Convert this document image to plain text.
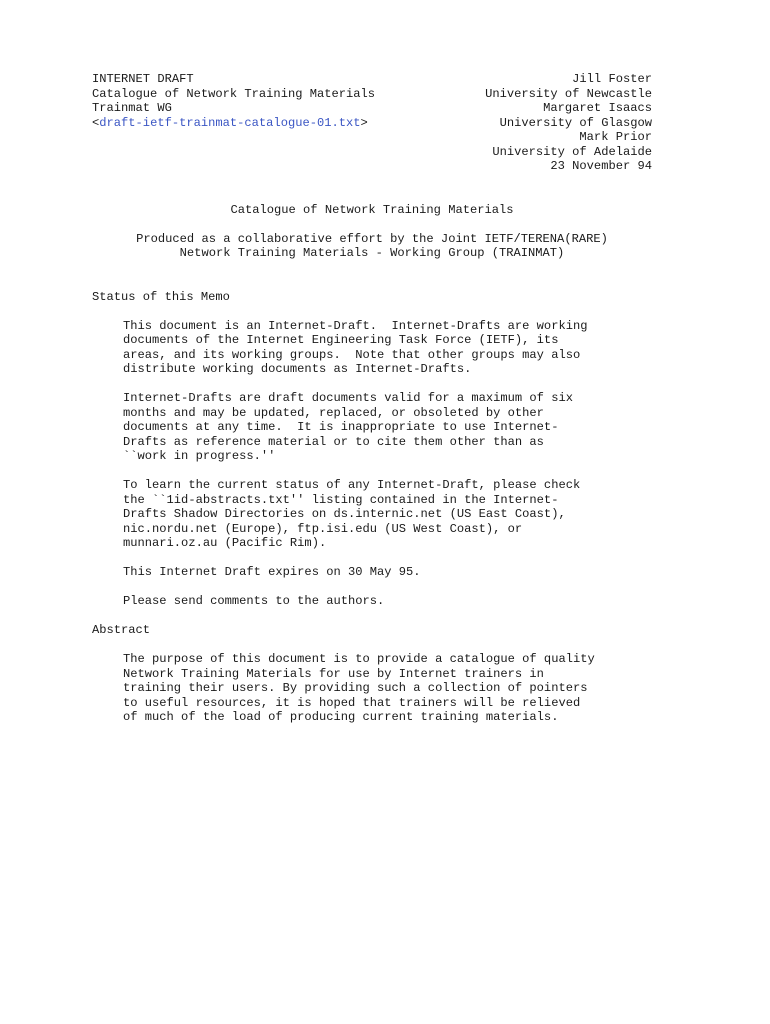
INTERNET DRAFT	Jill Foster
Catalogue of Network Training Materials	University of Newcastle
Trainmat WG	Margaret Isaacs
<draft-ietf-trainmat-catalogue-01.txt>	University of Glasgow
Mark Prior
University of Adelaide
23 November 94
Catalogue of Network Training Materials
Produced as a collaborative effort by the Joint IETF/TERENA(RARE)
Network Training Materials - Working Group (TRAINMAT)
Status of this Memo
This document is an Internet-Draft.  Internet-Drafts are working
documents of the Internet Engineering Task Force (IETF), its
areas, and its working groups.  Note that other groups may also
distribute working documents as Internet-Drafts.
Internet-Drafts are draft documents valid for a maximum of six
months and may be updated, replaced, or obsoleted by other
documents at any time.  It is inappropriate to use Internet-
Drafts as reference material or to cite them other than as
``work in progress.''
To learn the current status of any Internet-Draft, please check
the ``1id-abstracts.txt'' listing contained in the Internet-
Drafts Shadow Directories on ds.internic.net (US East Coast),
nic.nordu.net (Europe), ftp.isi.edu (US West Coast), or
munnari.oz.au (Pacific Rim).
This Internet Draft expires on 30 May 95.
Please send comments to the authors.
Abstract
The purpose of this document is to provide a catalogue of quality
Network Training Materials for use by Internet trainers in
training their users. By providing such a collection of pointers
to useful resources, it is hoped that trainers will be relieved
of much of the load of producing current training materials.
